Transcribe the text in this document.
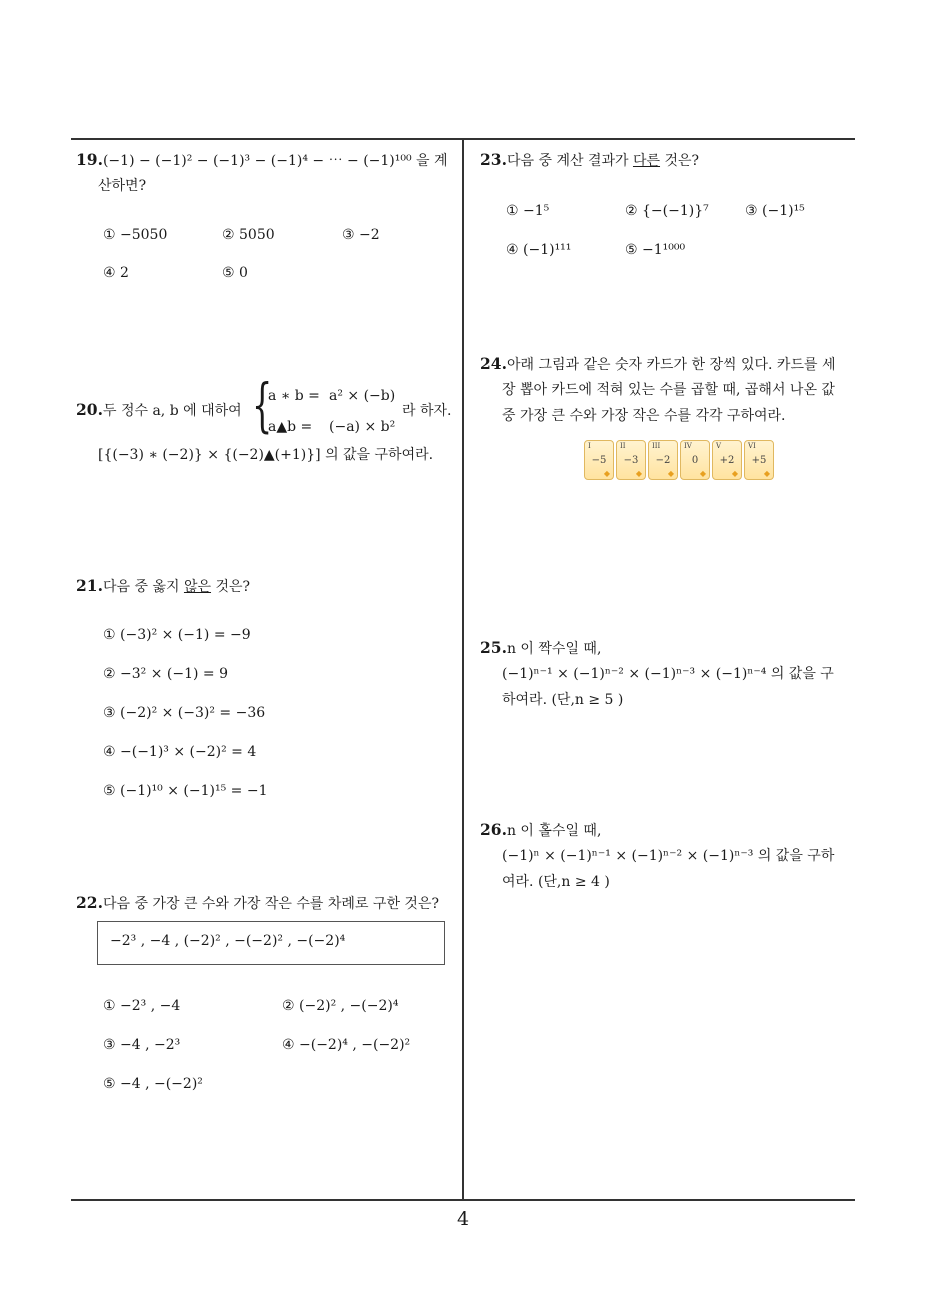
19.(−1) − (−1)² − (−1)³ − (−1)⁴ − ⋯ − (−1)¹⁰⁰ 을 계
산하면?
① −5050	② 5050	③ −2
④ 2	⑤ 0
20.두 정수 a, b 에 대하여 {
a ∗ b = a² × (−b)
a▲b = (−a) × b²
라 하자.
[{(−3) ∗ (−2)} × {(−2)▲(+1)}] 의 값을 구하여라.
21.다음 중 옳지 않은 것은?
① (−3)² × (−1) = −9
② −3² × (−1) = 9
③ (−2)² × (−3)² = −36
④ −(−1)³ × (−2)² = 4
⑤ (−1)¹⁰ × (−1)¹⁵ = −1
22.다음 중 가장 큰 수와 가장 작은 수를 차례로 구한 것은?
−2³ , −4 , (−2)² , −(−2)² , −(−2)⁴
① −2³ , −4	② (−2)² , −(−2)⁴
③ −4 , −2³	④ −(−2)⁴ , −(−2)²
⑤ −4 , −(−2)²
23.다음 중 계산 결과가 다른 것은?
① −1⁵	② {−(−1)}⁷	③ (−1)¹⁵
④ (−1)¹¹¹	⑤ −1¹⁰⁰⁰
24.아래 그림과 같은 숫자 카드가 한 장씩 있다. 카드를 세
장 뽑아 카드에 적혀 있는 수를 곱할 때, 곱해서 나온 값
중 가장 큰 수와 가장 작은 수를 각각 구하여라.
I
−5
◆
II
−3
◆
III
−2
◆
IV
0
◆
V
+2
◆
VI
+5
◆
25.n 이 짝수일 때,
(−1)ⁿ⁻¹ × (−1)ⁿ⁻² × (−1)ⁿ⁻³ × (−1)ⁿ⁻⁴ 의 값을 구
하여라. (단,n ≥ 5 )
26.n 이 홀수일 때,
(−1)ⁿ × (−1)ⁿ⁻¹ × (−1)ⁿ⁻² × (−1)ⁿ⁻³ 의 값을 구하
여라. (단,n ≥ 4 )
4
